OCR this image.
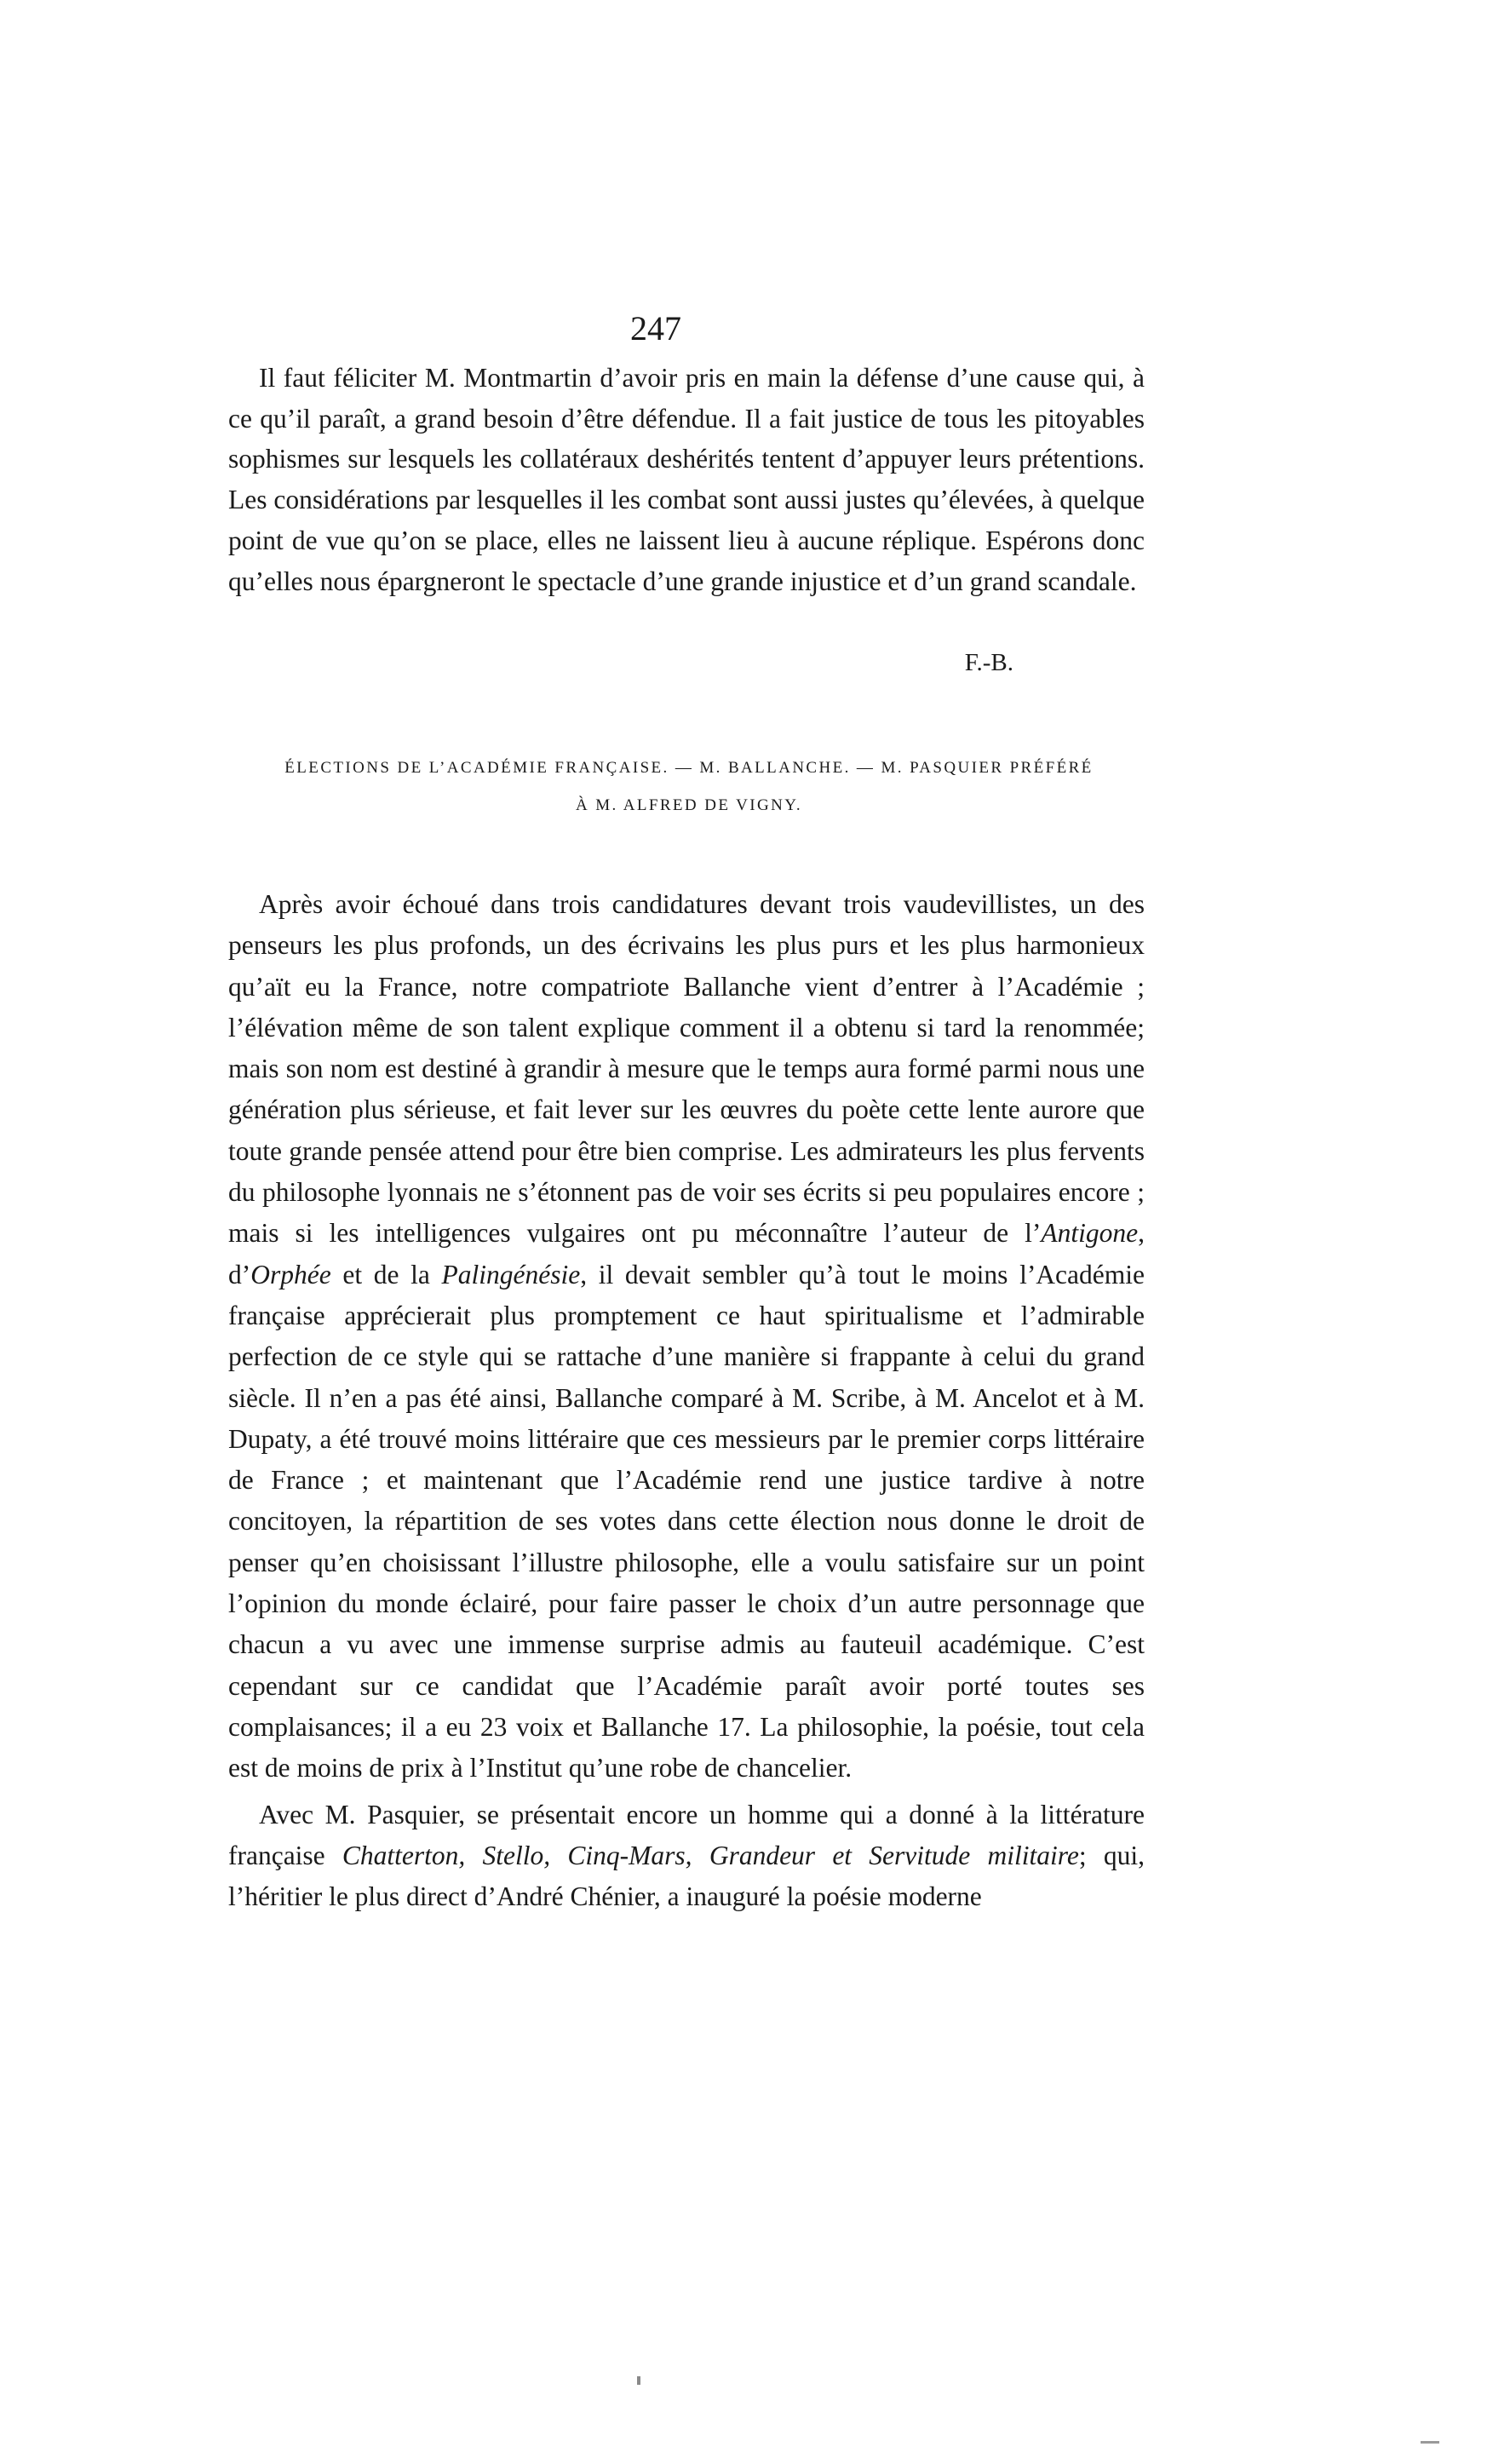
247

Il faut féliciter M. Montmartin d’avoir pris en main la défense d’une cause qui, à ce qu’il paraît, a grand besoin d’être défendue. Il a fait justice de tous les pitoyables sophismes sur lesquels les collatéraux deshérités tentent d’appuyer leurs prétentions. Les considérations par lesquelles il les combat sont aussi justes qu’élevées, à quelque point de vue qu’on se place, elles ne laissent lieu à aucune réplique. Espérons donc qu’elles nous épargneront le spectacle d’une grande injustice et d’un grand scandale.

F.-B.
ÉLECTIONS DE L’ACADÉMIE FRANÇAISE. — M. BALLANCHE. — M. PASQUIER PRÉFÉRÉ
À M. ALFRED DE VIGNY.

Après avoir échoué dans trois candidatures devant trois vaudevillistes, un des penseurs les plus profonds, un des écrivains les plus purs et les plus harmonieux qu’aït eu la France, notre compatriote Ballanche vient d’entrer à l’Académie ; l’élévation même de son talent explique comment il a obtenu si tard la renommée; mais son nom est destiné à grandir à mesure que le temps aura formé parmi nous une génération plus sérieuse, et fait lever sur les œuvres du poète cette lente aurore que toute grande pensée attend pour être bien comprise. Les admirateurs les plus fervents du philosophe lyonnais ne s’étonnent pas de voir ses écrits si peu populaires encore ; mais si les intelligences vulgaires ont pu méconnaître l’auteur de l’Antigone, d’Orphée et de la Palingénésie, il devait sembler qu’à tout le moins l’Académie française apprécierait plus promptement ce haut spiritualisme et l’admirable perfection de ce style qui se rattache d’une manière si frappante à celui du grand siècle. Il n’en a pas été ainsi, Ballanche comparé à M. Scribe, à M. Ancelot et à M. Dupaty, a été trouvé moins littéraire que ces messieurs par le premier corps littéraire de France ; et maintenant que l’Académie rend une justice tardive à notre concitoyen, la répartition de ses votes dans cette élection nous donne le droit de penser qu’en choisissant l’illustre philosophe, elle a voulu satisfaire sur un point l’opinion du monde éclairé, pour faire passer le choix d’un autre personnage que chacun a vu avec une immense surprise admis au fauteuil académique. C’est cependant sur ce candidat que l’Académie paraît avoir porté toutes ses complaisances; il a eu 23 voix et Ballanche 17. La philosophie, la poésie, tout cela est de moins de prix à l’Institut qu’une robe de chancelier.

Avec M. Pasquier, se présentait encore un homme qui a donné à la littérature française Chatterton, Stello, Cinq-Mars, Grandeur et Servitude militaire; qui, l’héritier le plus direct d’André Chénier, a inauguré la poésie moderne
